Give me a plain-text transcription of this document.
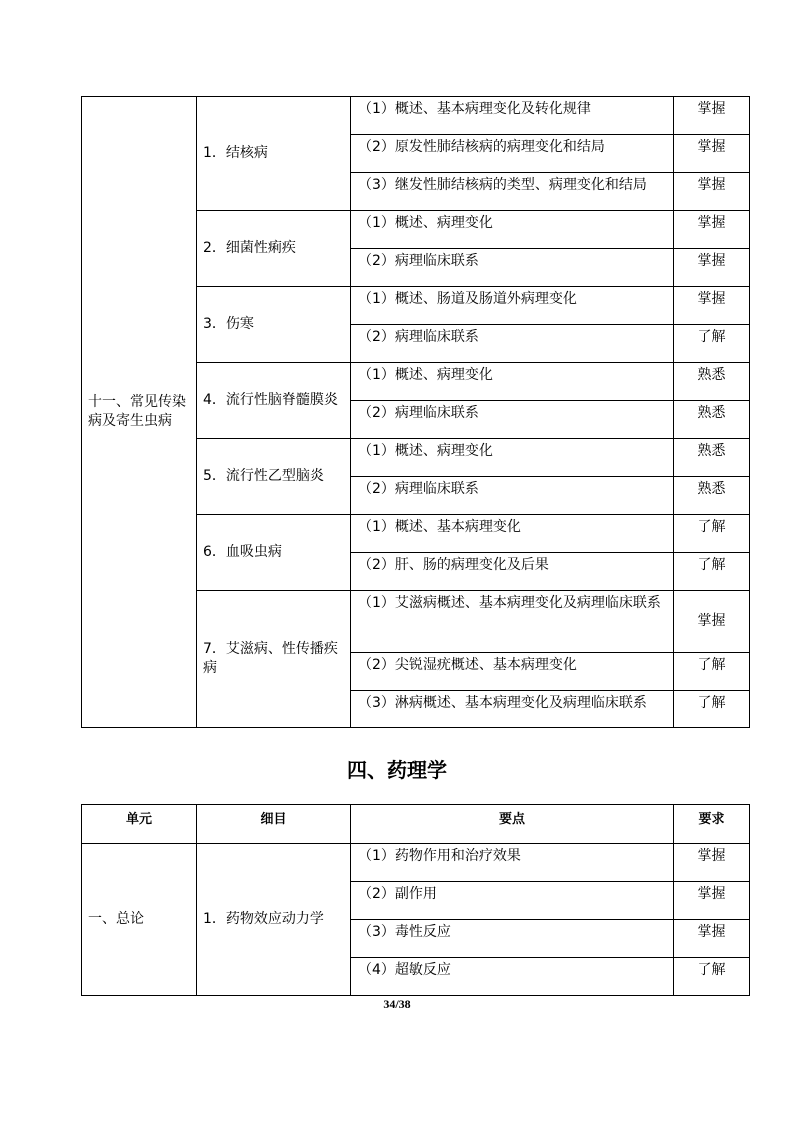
十一、常见传染病及寄生虫病	1．结核病	（1）概述、基本病理变化及转化规律	掌握
		（2）原发性肺结核病的病理变化和结局	掌握
		（3）继发性肺结核病的类型、病理变化和结局	掌握
	2．细菌性痢疾	（1）概述、病理变化	掌握
		（2）病理临床联系	掌握
	3．伤寒	（1）概述、肠道及肠道外病理变化	掌握
		（2）病理临床联系	了解
	4．流行性脑脊髓膜炎	（1）概述、病理变化	熟悉
		（2）病理临床联系	熟悉
	5．流行性乙型脑炎	（1）概述、病理变化	熟悉
		（2）病理临床联系	熟悉
	6．血吸虫病	（1）概述、基本病理变化	了解
		（2）肝、肠的病理变化及后果	了解
	7．艾滋病、性传播疾病	（1）艾滋病概述、基本病理变化及病理临床联系	掌握
		（2）尖锐湿疣概述、基本病理变化	了解
		（3）淋病概述、基本病理变化及病理临床联系	了解
四、药理学
单元	细目	要点	要求
一、总论	1．药物效应动力学	（1）药物作用和治疗效果	掌握
		（2）副作用	掌握
		（3）毒性反应	掌握
		（4）超敏反应	了解
34/38
